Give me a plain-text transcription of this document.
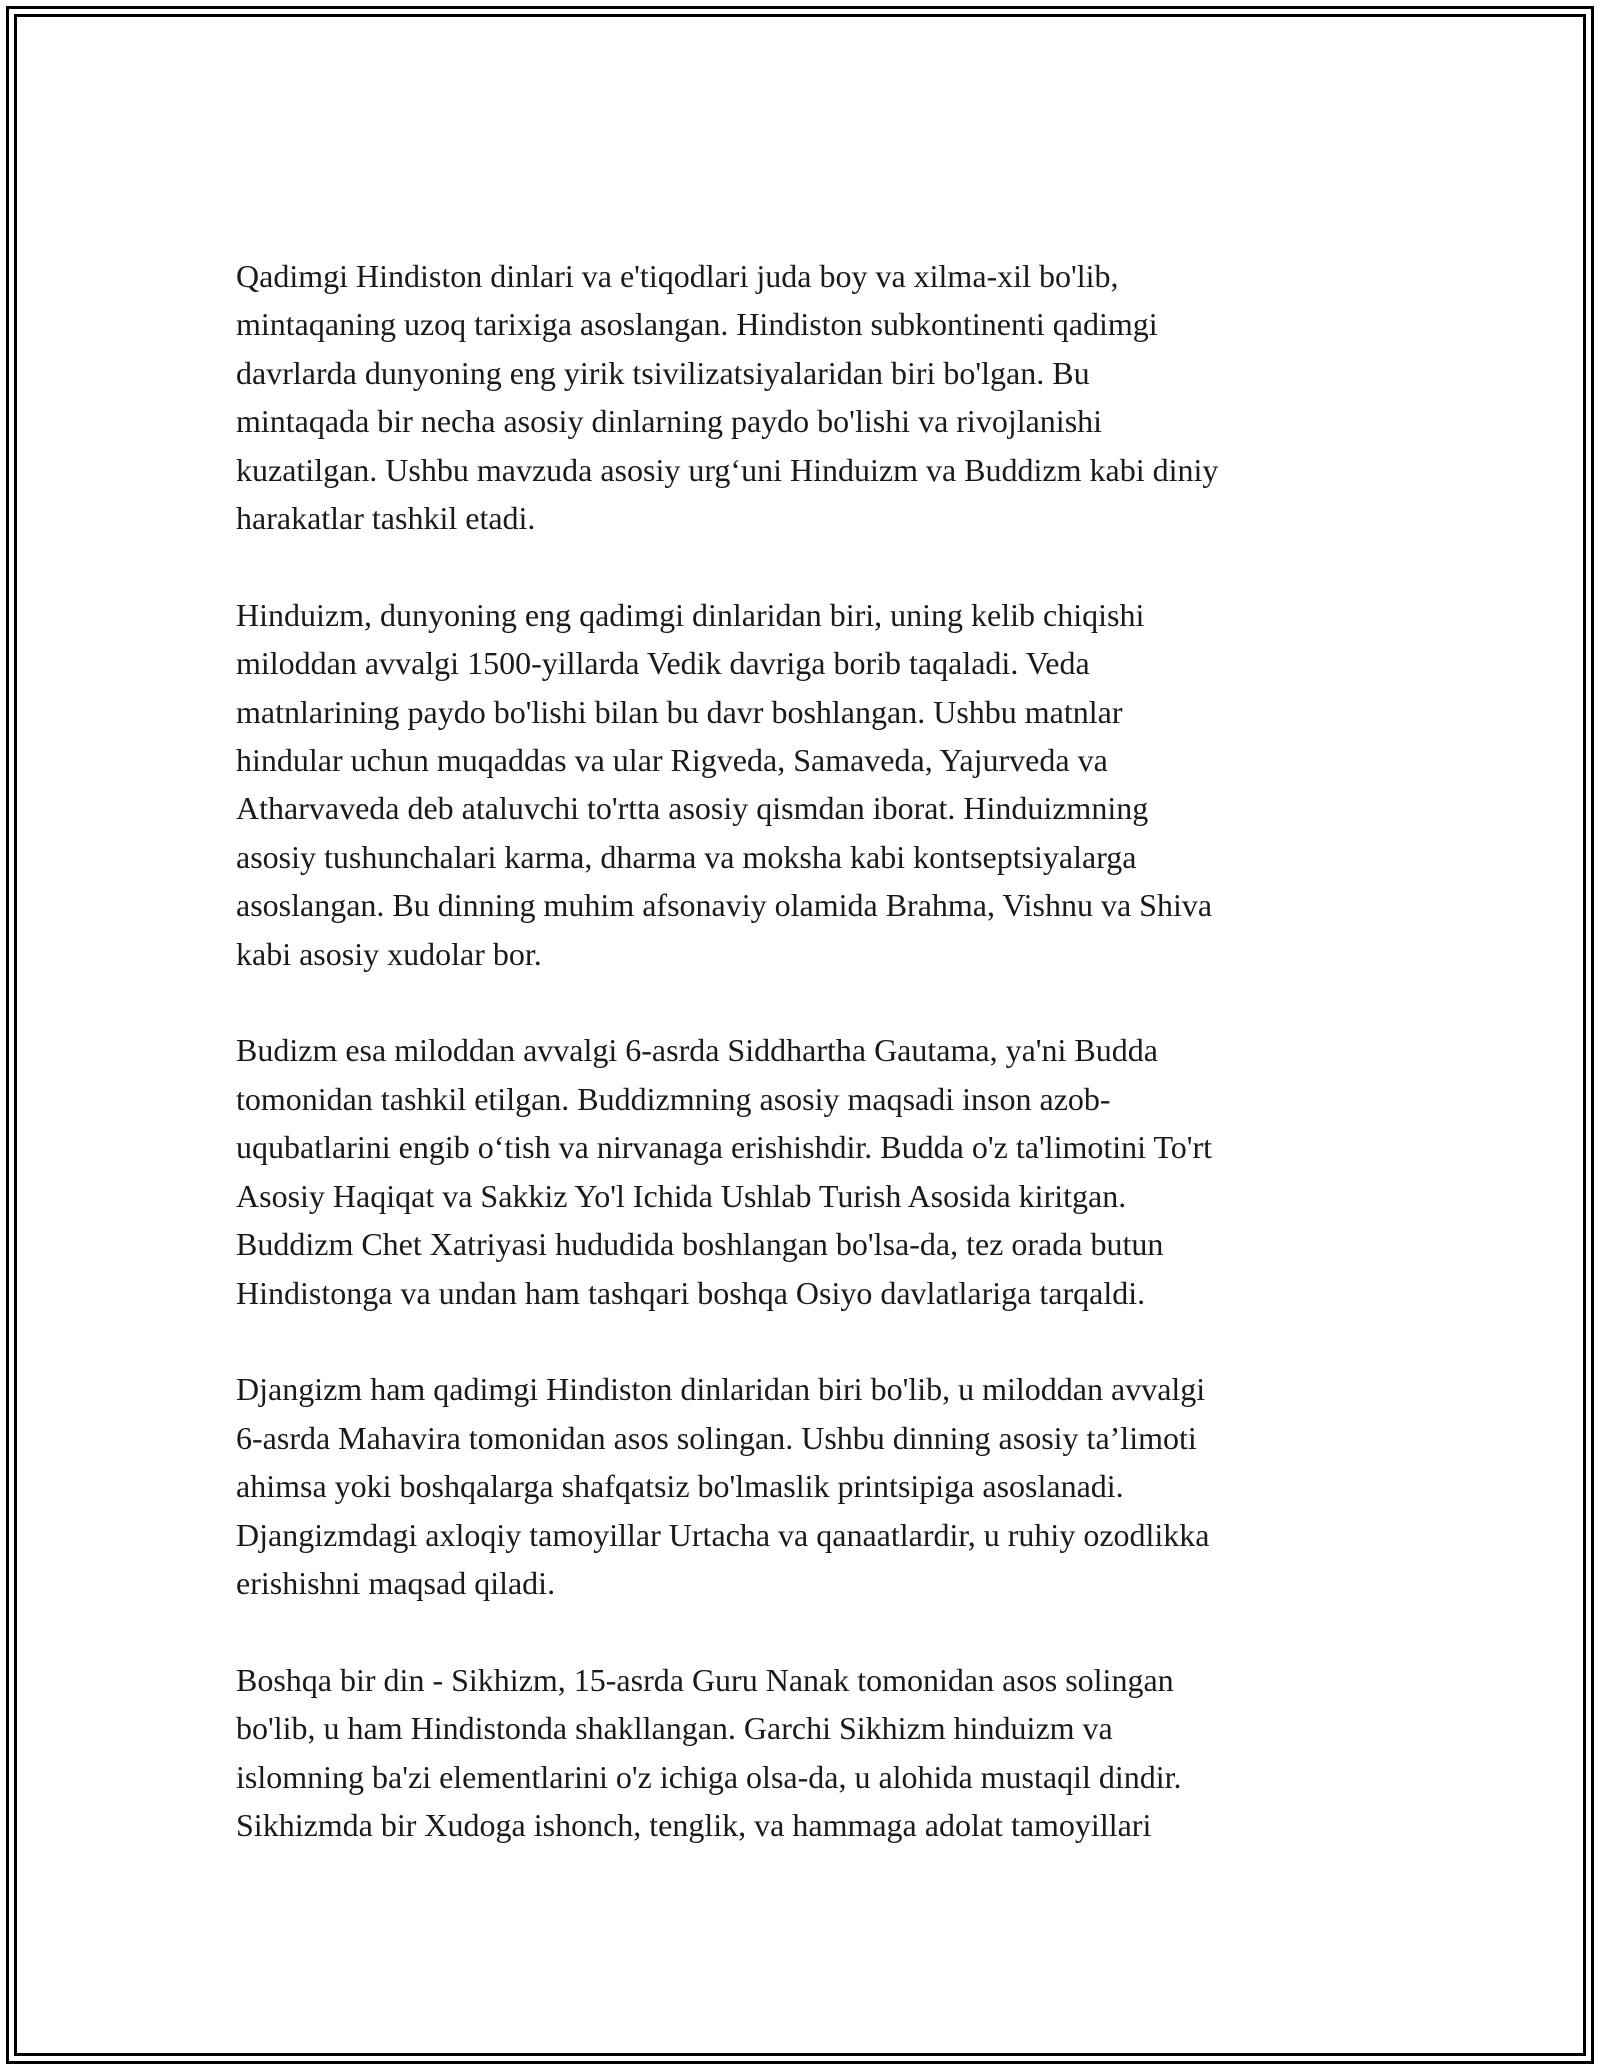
Qadimgi Hindiston dinlari va e'tiqodlari juda boy va xilma-xil bo'lib,
mintaqaning uzoq tarixiga asoslangan. Hindiston subkontinenti qadimgi
davrlarda dunyoning eng yirik tsivilizatsiyalaridan biri bo'lgan. Bu
mintaqada bir necha asosiy dinlarning paydo bo'lishi va rivojlanishi
kuzatilgan. Ushbu mavzuda asosiy urg‘uni Hinduizm va Buddizm kabi diniy
harakatlar tashkil etadi.

Hinduizm, dunyoning eng qadimgi dinlaridan biri, uning kelib chiqishi
miloddan avvalgi 1500-yillarda Vedik davriga borib taqaladi. Veda
matnlarining paydo bo'lishi bilan bu davr boshlangan. Ushbu matnlar
hindular uchun muqaddas va ular Rigveda, Samaveda, Yajurveda va
Atharvaveda deb ataluvchi to'rtta asosiy qismdan iborat. Hinduizmning
asosiy tushunchalari karma, dharma va moksha kabi kontseptsiyalarga
asoslangan. Bu dinning muhim afsonaviy olamida Brahma, Vishnu va Shiva
kabi asosiy xudolar bor.

Budizm esa miloddan avvalgi 6-asrda Siddhartha Gautama, ya'ni Budda
tomonidan tashkil etilgan. Buddizmning asosiy maqsadi inson azob-
uqubatlarini engib o‘tish va nirvanaga erishishdir. Budda o'z ta'limotini To'rt
Asosiy Haqiqat va Sakkiz Yo'l Ichida Ushlab Turish Asosida kiritgan.
Buddizm Chet Xatriyasi hududida boshlangan bo'lsa-da, tez orada butun
Hindistonga va undan ham tashqari boshqa Osiyo davlatlariga tarqaldi.

Djangizm ham qadimgi Hindiston dinlaridan biri bo'lib, u miloddan avvalgi
6-asrda Mahavira tomonidan asos solingan. Ushbu dinning asosiy ta’limoti
ahimsa yoki boshqalarga shafqatsiz bo'lmaslik printsipiga asoslanadi.
Djangizmdagi axloqiy tamoyillar Urtacha va qanaatlardir, u ruhiy ozodlikka
erishishni maqsad qiladi.

Boshqa bir din - Sikhizm, 15-asrda Guru Nanak tomonidan asos solingan
bo'lib, u ham Hindistonda shakllangan. Garchi Sikhizm hinduizm va
islomning ba'zi elementlarini o'z ichiga olsa-da, u alohida mustaqil dindir.
Sikhizmda bir Xudoga ishonch, tenglik, va hammaga adolat tamoyillari
